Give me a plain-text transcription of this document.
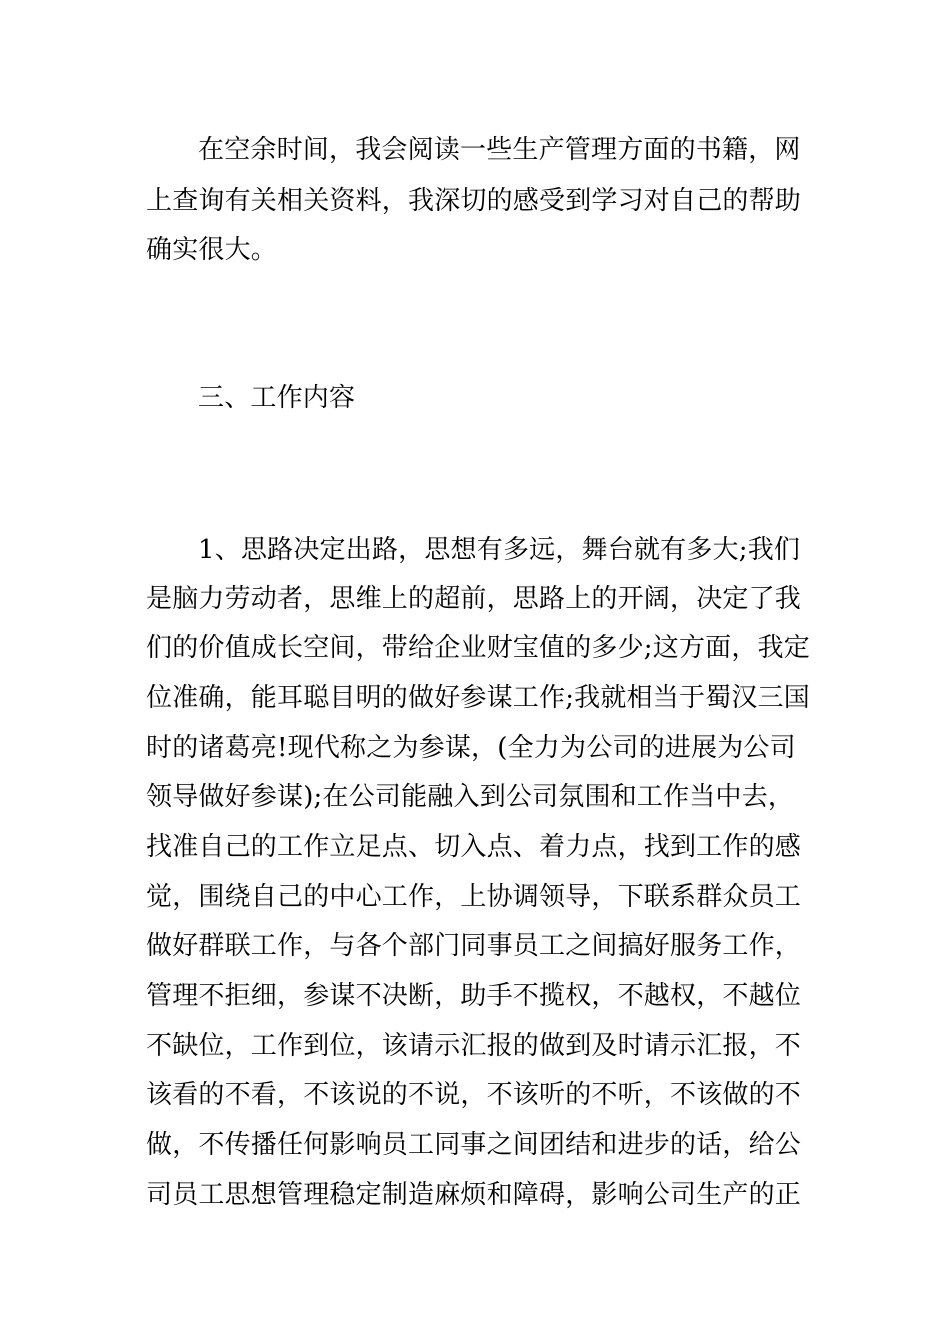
在空余时间，我会阅读一些生产管理方面的书籍，网
上查询有关相关资料，我深切的感受到学习对自己的帮助
确实很大。
三、工作内容
1、思路决定出路，思想有多远，舞台就有多大;我们
是脑力劳动者，思维上的超前，思路上的开阔，决定了我
们的价值成长空间，带给企业财宝值的多少;这方面，我定
位准确，能耳聪目明的做好参谋工作;我就相当于蜀汉三国
时的诸葛亮!现代称之为参谋，(全力为公司的进展为公司
领导做好参谋);在公司能融入到公司氛围和工作当中去，
找准自己的工作立足点、切入点、着力点，找到工作的感
觉，围绕自己的中心工作，上协调领导，下联系群众员工
做好群联工作，与各个部门同事员工之间搞好服务工作，
管理不拒细，参谋不决断，助手不揽权，不越权，不越位
不缺位，工作到位，该请示汇报的做到及时请示汇报，不
该看的不看，不该说的不说，不该听的不听，不该做的不
做，不传播任何影响员工同事之间团结和进步的话，给公
司员工思想管理稳定制造麻烦和障碍，影响公司生产的正
